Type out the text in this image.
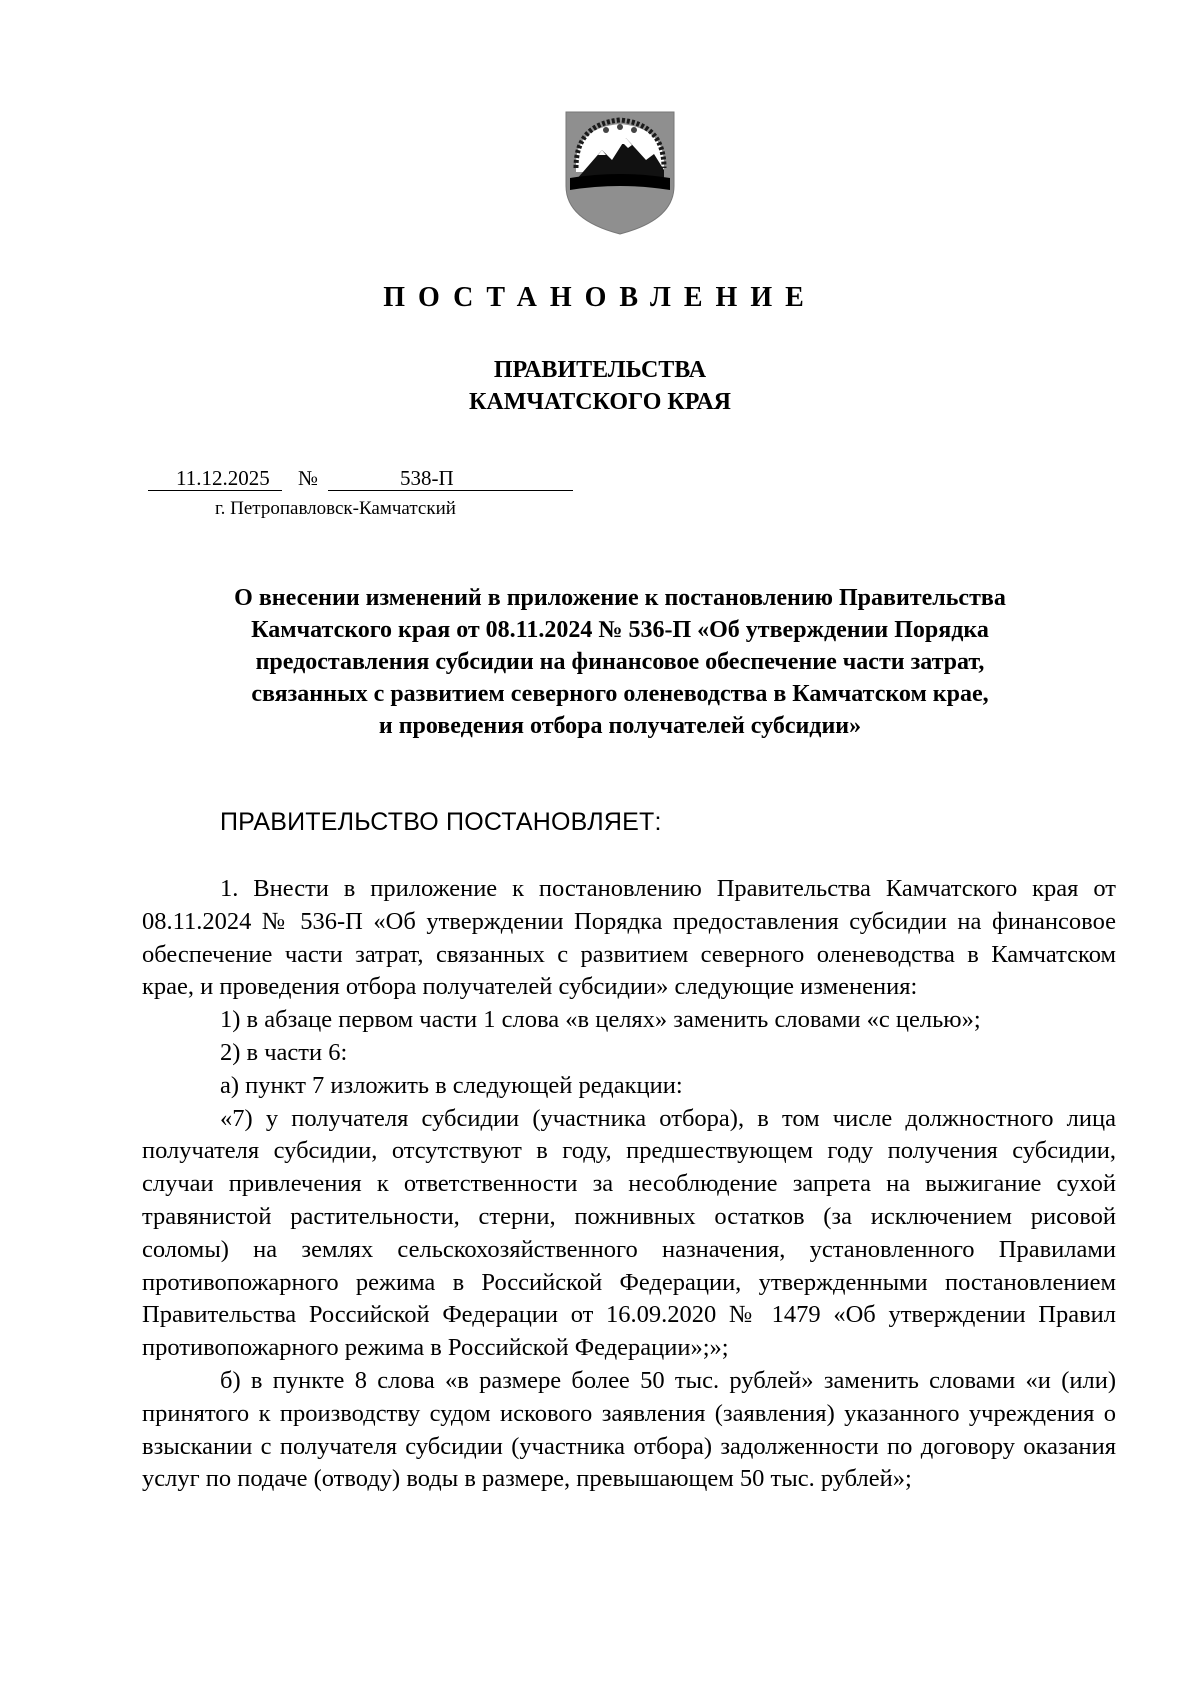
ПОСТАНОВЛЕНИЕ
ПРАВИТЕЛЬСТВА
КАМЧАТСКОГО КРАЯ
11.12.2025 №	538-П
г. Петропавловск-Камчатский
О внесении изменений в приложение к постановлению Правительства
Камчатского края от 08.11.2024 № 536-П «Об утверждении Порядка
предоставления субсидии на финансовое обеспечение части затрат,
связанных с развитием северного оленеводства в Камчатском крае,
и проведения отбора получателей субсидии»
ПРАВИТЕЛЬСТВО ПОСТАНОВЛЯЕТ:

1. Внести в приложение к постановлению Правительства Камчатского края от 08.11.2024 № 536-П «Об утверждении Порядка предоставления субсидии на финансовое обеспечение части затрат, связанных с развитием северного оленеводства в Камчатском крае, и проведения отбора получателей субсидии» следующие изменения:

1) в абзаце первом части 1 слова «в целях» заменить словами «с целью»;

2) в части 6:

а) пункт 7 изложить в следующей редакции:

«7) у получателя субсидии (участника отбора), в том числе должностного лица получателя субсидии, отсутствуют в году, предшествующем году получения субсидии, случаи привлечения к ответственности за несоблюдение запрета на выжигание сухой травянистой растительности, стерни, пожнивных остатков (за исключением рисовой соломы) на землях сельскохозяйственного назначения, установленного Правилами противопожарного режима в Российской Федерации, утвержденными постановлением Правительства Российской Федерации от 16.09.2020 № 1479 «Об утверждении Правил противопожарного режима в Российской Федерации»;»;

б) в пункте 8 слова «в размере более 50 тыс. рублей» заменить словами «и (или) принятого к производству судом искового заявления (заявления) указанного учреждения о взыскании с получателя субсидии (участника отбора) задолженности по договору оказания услуг по подаче (отводу) воды в размере, превышающем 50 тыс. рублей»;
